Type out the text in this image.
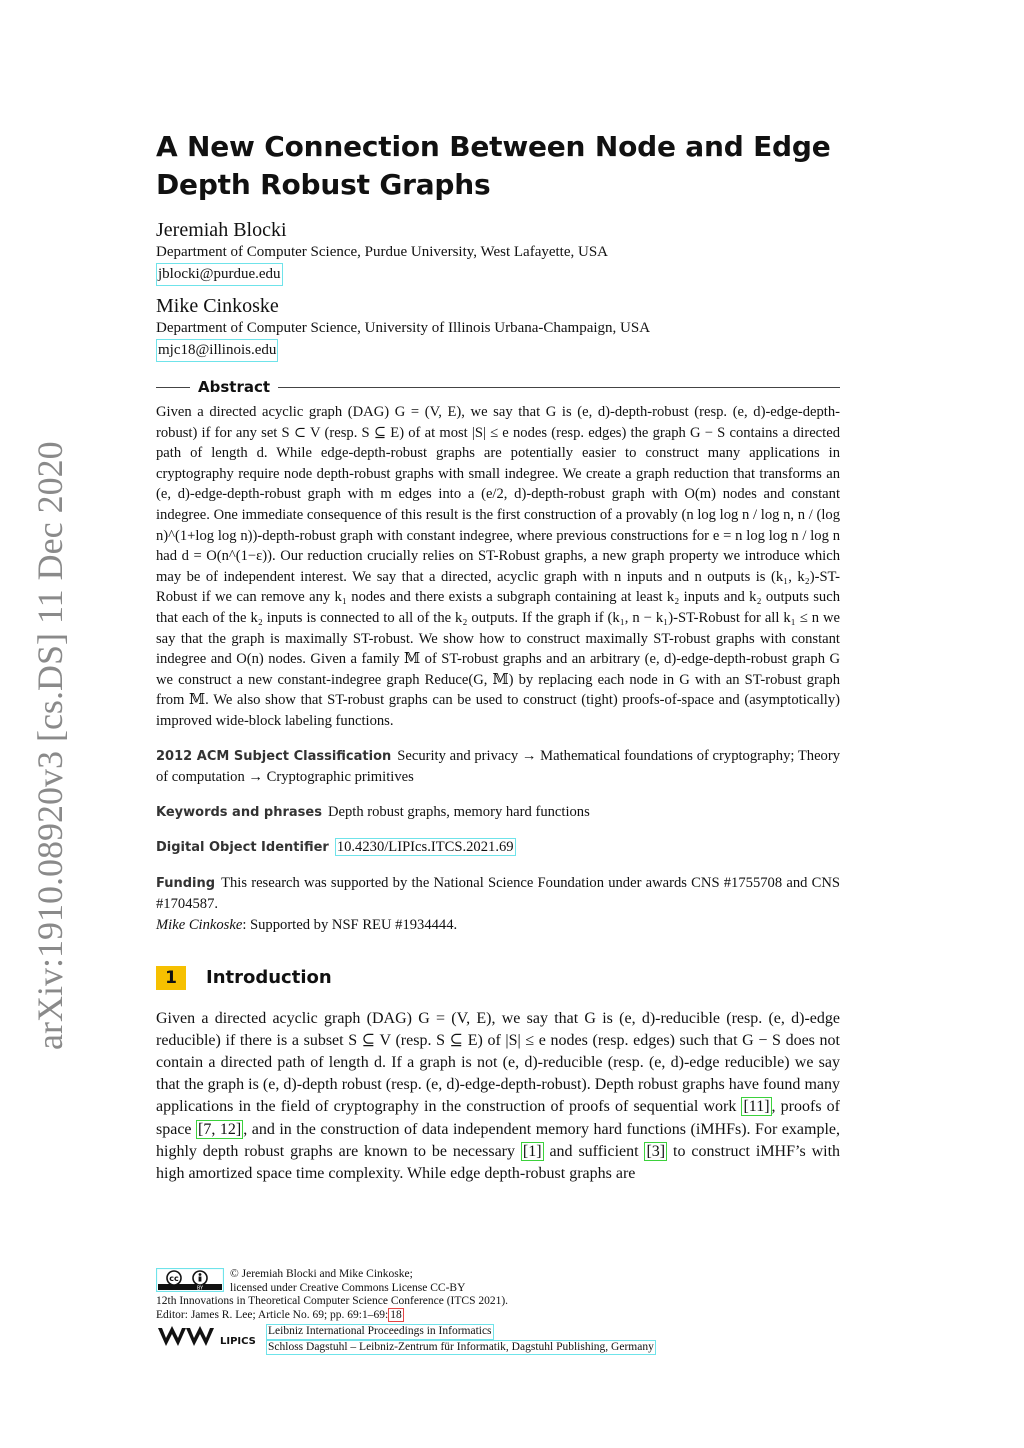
arXiv:1910.08920v3 [cs.DS] 11 Dec 2020
A New Connection Between Node and Edge
Depth Robust Graphs
Jeremiah Blocki
Department of Computer Science, Purdue University, West Lafayette, USA
jblocki@purdue.edu
Mike Cinkoske
Department of Computer Science, University of Illinois Urbana-Champaign, USA
mjc18@illinois.edu
Abstract

Given a directed acyclic graph (DAG) G = (V, E), we say that G is (e, d)-depth-robust (resp. (e, d)-edge-depth-robust) if for any set S ⊂ V (resp. S ⊆ E) of at most |S| ≤ e nodes (resp. edges) the graph G − S contains a directed path of length d. While edge-depth-robust graphs are potentially easier to construct many applications in cryptography require node depth-robust graphs with small indegree. We create a graph reduction that transforms an (e, d)-edge-depth-robust graph with m edges into a (e/2, d)-depth-robust graph with O(m) nodes and constant indegree. One immediate consequence of this result is the first construction of a provably (n log log n / log n, n / (log n)^(1+log log n))-depth-robust graph with constant indegree, where previous constructions for e = n log log n / log n had d = O(n^(1−ε)). Our reduction crucially relies on ST-Robust graphs, a new graph property we introduce which may be of independent interest. We say that a directed, acyclic graph with n inputs and n outputs is (k₁, k₂)-ST-Robust if we can remove any k₁ nodes and there exists a subgraph containing at least k₂ inputs and k₂ outputs such that each of the k₂ inputs is connected to all of the k₂ outputs. If the graph if (k₁, n − k₁)-ST-Robust for all k₁ ≤ n we say that the graph is maximally ST-robust. We show how to construct maximally ST-robust graphs with constant indegree and O(n) nodes. Given a family 𝕄 of ST-robust graphs and an arbitrary (e, d)-edge-depth-robust graph G we construct a new constant-indegree graph Reduce(G, 𝕄) by replacing each node in G with an ST-robust graph from 𝕄. We also show that ST-robust graphs can be used to construct (tight) proofs-of-space and (asymptotically) improved wide-block labeling functions.

2012 ACM Subject Classification Security and privacy → Mathematical foundations of cryptography; Theory of computation → Cryptographic primitives
Keywords and phrases Depth robust graphs, memory hard functions
Digital Object Identifier 10.4230/LIPIcs.ITCS.2021.69
Funding This research was supported by the National Science Foundation under awards CNS #1755708 and CNS #1704587.
Mike Cinkoske: Supported by NSF REU #1934444.
1	Introduction

Given a directed acyclic graph (DAG) G = (V, E), we say that G is (e, d)-reducible (resp. (e, d)-edge reducible) if there is a subset S ⊆ V (resp. S ⊆ E) of |S| ≤ e nodes (resp. edges) such that G − S does not contain a directed path of length d. If a graph is not (e, d)-reducible (resp. (e, d)-edge reducible) we say that the graph is (e, d)-depth robust (resp. (e, d)-edge-depth-robust). Depth robust graphs have found many applications in the field of cryptography in the construction of proofs of sequential work [11] , proofs of space [7, 12] , and in the construction of data independent memory hard functions (iMHFs). For example, highly depth robust graphs are known to be necessary [1] and sufficient [3] to construct iMHF’s with high amortized space time complexity. While edge depth-robust graphs are

cc
BY
© Jeremiah Blocki and Mike Cinkoske;
licensed under Creative Commons License CC-BY
12th Innovations in Theoretical Computer Science Conference (ITCS 2021).
Editor: James R. Lee; Article No. 69; pp. 69:1–69: 18
LIPICS
Leibniz International Proceedings in Informatics
Schloss Dagstuhl – Leibniz-Zentrum für Informatik, Dagstuhl Publishing, Germany
